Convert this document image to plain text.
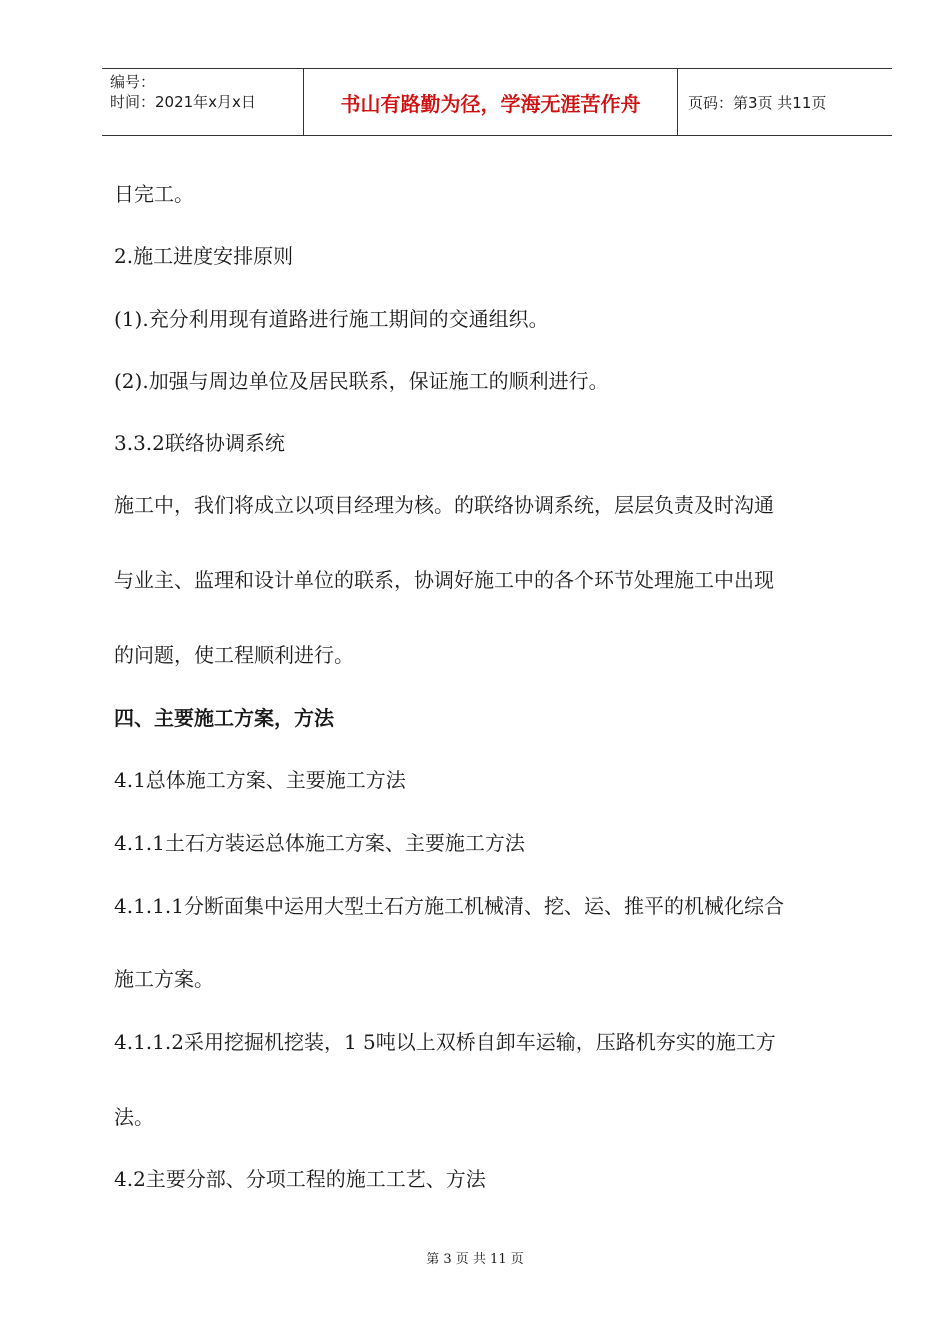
编号：
时间：2021年x月x日	书山有路勤为径，学海无涯苦作舟	页码：第3页 共11页
日完工。
2.施工进度安排原则
(1).充分利用现有道路进行施工期间的交通组织。
(2).加强与周边单位及居民联系，保证施工的顺利进行。
3.3.2联络协调系统
施工中，我们将成立以项目经理为核。的联络协调系统，层层负责及时沟通
与业主、监理和设计单位的联系，协调好施工中的各个环节处理施工中出现
的问题，使工程顺利进行。
四、主要施工方案，方法
4.1总体施工方案、主要施工方法
4.1.1土石方装运总体施工方案、主要施工方法
4.1.1.1分断面集中运用大型土石方施工机械清、挖、运、推平的机械化综合
施工方案。
4.1.1.2采用挖掘机挖装，1 5吨以上双桥自卸车运输，压路机夯实的施工方
法。
4.2主要分部、分项工程的施工工艺、方法
第 3 页 共 11 页
